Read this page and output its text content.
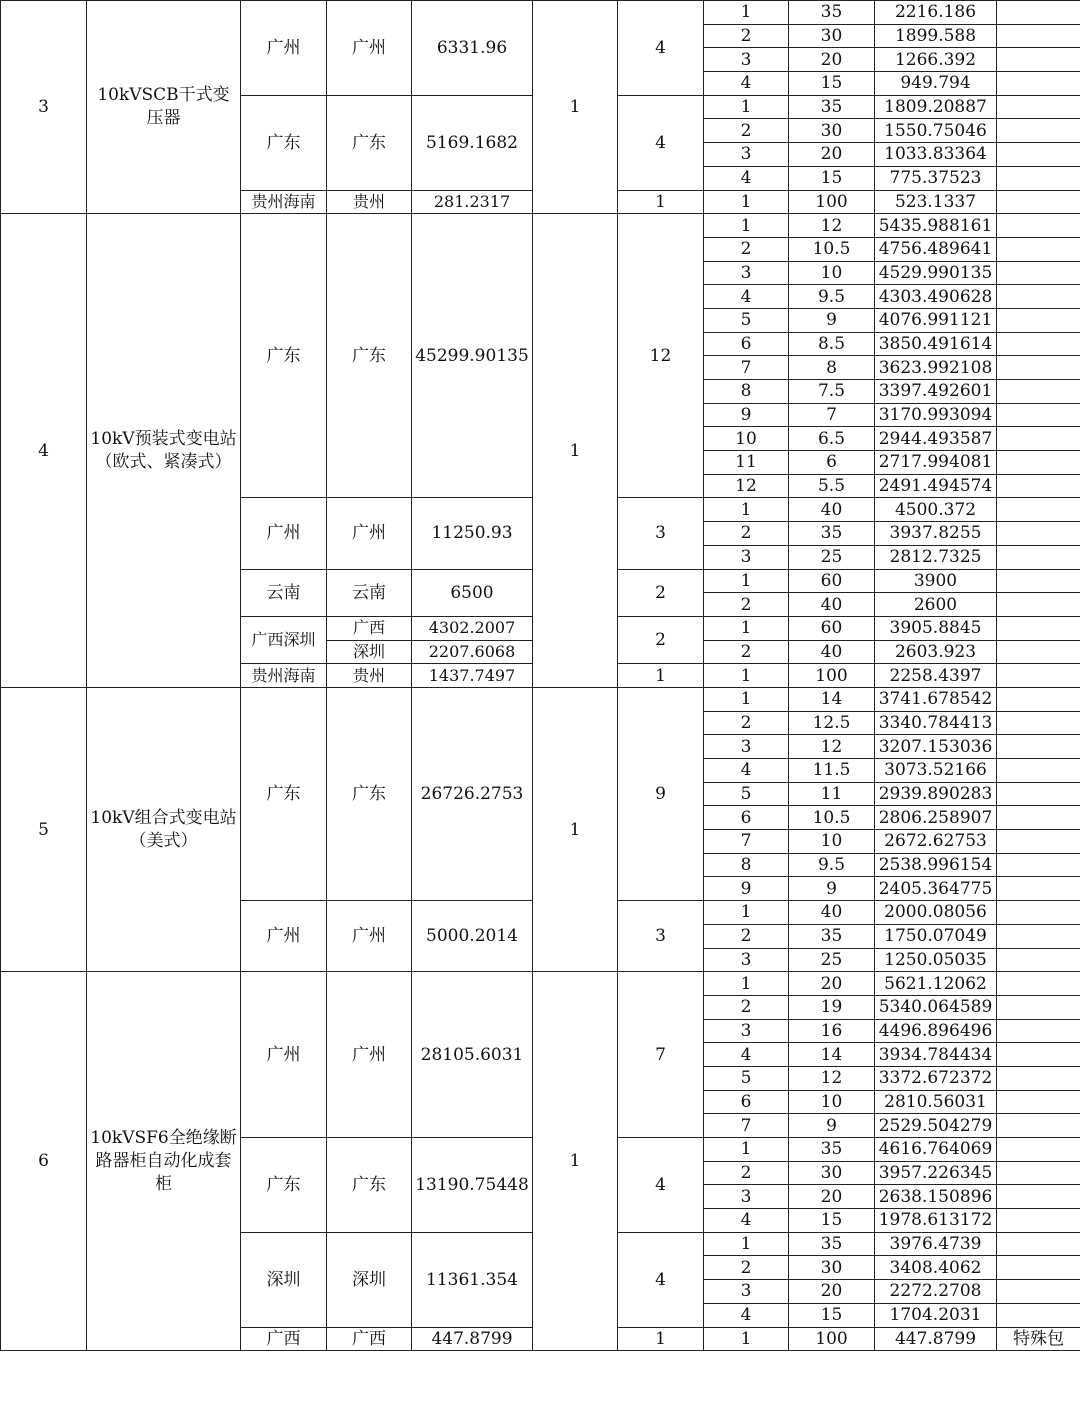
3	10kVSCB干式变压器	广州	广州	6331.96	1	4	1	35	2216.186	
							2	30	1899.588	
							3	20	1266.392	
							4	15	949.794	
		广东	广东	5169.1682		4	1	35	1809.20887	
							2	30	1550.75046	
							3	20	1033.83364	
							4	15	775.37523	
		贵州海南	贵州	281.2317		1	1	100	523.1337	
4	10kV预装式变电站（欧式、紧凑式）	广东	广东	45299.90135	1	12	1	12	5435.988161	
							2	10.5	4756.489641	
							3	10	4529.990135	
							4	9.5	4303.490628	
							5	9	4076.991121	
							6	8.5	3850.491614	
							7	8	3623.992108	
							8	7.5	3397.492601	
							9	7	3170.993094	
							10	6.5	2944.493587	
							11	6	2717.994081	
							12	5.5	2491.494574	
		广州	广州	11250.93		3	1	40	4500.372	
							2	35	3937.8255	
							3	25	2812.7325	
		云南	云南	6500		2	1	60	3900	
							2	40	2600	
		广西深圳	广西	4302.2007		2	1	60	3905.8845	
			深圳	2207.6068			2	40	2603.923	
		贵州海南	贵州	1437.7497		1	1	100	2258.4397	
5	10kV组合式变电站（美式）	广东	广东	26726.2753	1	9	1	14	3741.678542	
							2	12.5	3340.784413	
							3	12	3207.153036	
							4	11.5	3073.52166	
							5	11	2939.890283	
							6	10.5	2806.258907	
							7	10	2672.62753	
							8	9.5	2538.996154	
							9	9	2405.364775	
		广州	广州	5000.2014		3	1	40	2000.08056	
							2	35	1750.07049	
							3	25	1250.05035	
6	10kVSF6全绝缘断路器柜自动化成套柜	广州	广州	28105.6031	1	7	1	20	5621.12062	
							2	19	5340.064589	
							3	16	4496.896496	
							4	14	3934.784434	
							5	12	3372.672372	
							6	10	2810.56031	
							7	9	2529.504279	
		广东	广东	13190.75448		4	1	35	4616.764069	
							2	30	3957.226345	
							3	20	2638.150896	
							4	15	1978.613172	
		深圳	深圳	11361.354		4	1	35	3976.4739	
							2	30	3408.4062	
							3	20	2272.2708	
							4	15	1704.2031	
		广西	广西	447.8799		1	1	100	447.8799	特殊包
